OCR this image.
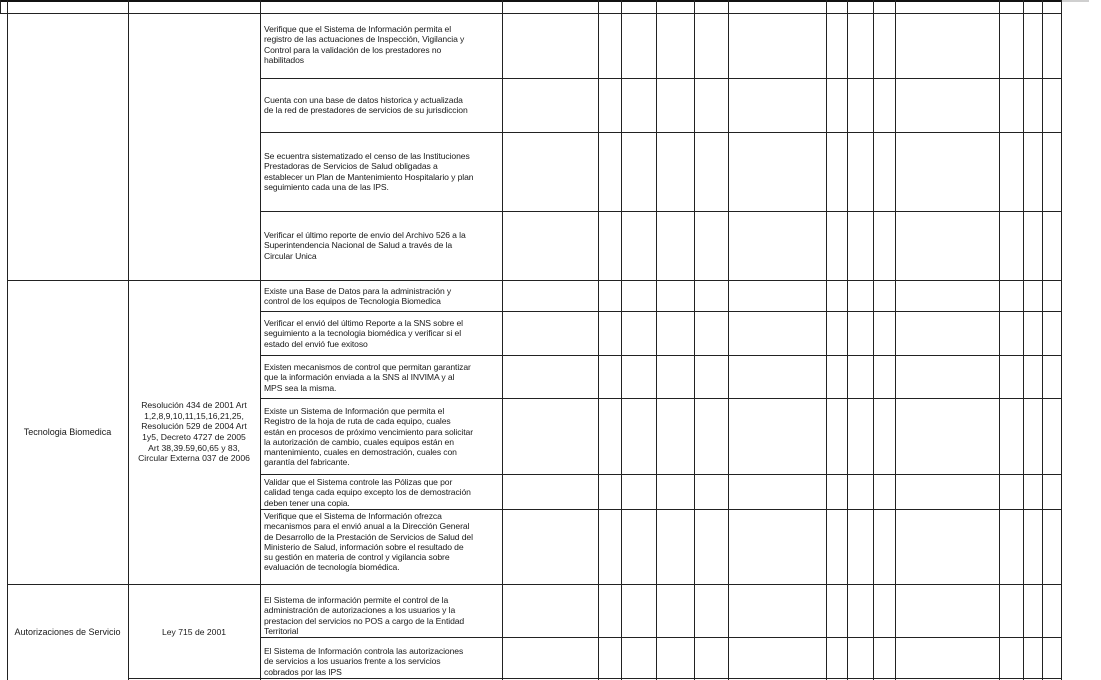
Verifique que el Sistema de Información permita el
registro de las actuaciones de Inspección, Vigilancia y
Control para la validación de los prestadores no
habilitados
Cuenta con una base de datos historica y actualizada
de la red de prestadores de servicios de su jurisdiccion
Se ecuentra sistematizado el censo de las Instituciones
Prestadoras de Servicios de Salud obligadas a
establecer un Plan de Mantenimiento Hospitalario y plan
seguimiento cada una de las IPS.
Verificar el último reporte de envio del Archivo 526 a la
Superintendencia Nacional de Salud a través de la
Circular Unica
Tecnologia Biomedica
Resolución 434 de 2001 Art
1,2,8,9,10,11,15,16,21,25,
Resolución 529 de 2004 Art
1y5, Decreto 4727 de 2005
Art 38,39.59,60,65 y 83,
Circular Externa 037 de 2006
Existe una Base de Datos para la administración y
control de los equipos de Tecnologia Biomedica
Verificar el envió del último Reporte a la SNS sobre el
seguimiento a la tecnologia biomédica y verificar si el
estado del envió fue exitoso
Existen mecanismos de control que permitan garantizar
que la información enviada a la SNS al INVIMA y al
MPS sea la misma.
Existe un Sistema de Información que permita el
Registro de la hoja de ruta de cada equipo, cuales
están en procesos de próximo vencimiento para solicitar
la autorización de cambio, cuales equipos están en
mantenimiento, cuales en demostración, cuales con
garantía del fabricante.
Validar que el Sistema controle las Pólizas que por
calidad tenga cada equipo excepto los de demostración
deben tener una copia.
Verifique que el Sistema de Información ofrezca
mecanismos para el envió anual a la Dirección General
de Desarrollo de la Prestación de Servicios de Salud del
Ministerio de Salud, información sobre el resultado de
su gestión en materia de control y vigilancia sobre
evaluación de tecnología biomédica.
Autorizaciones de Servicio	Ley 715 de 2001
El Sistema de información permite el control de la
administración de autorizaciones a los usuarios y la
prestacion del servicios no POS a cargo de la Entidad
Territorial
El Sistema de Información controla las autorizaciones
de servicios a los usuarios frente a los servicios
cobrados por las IPS
